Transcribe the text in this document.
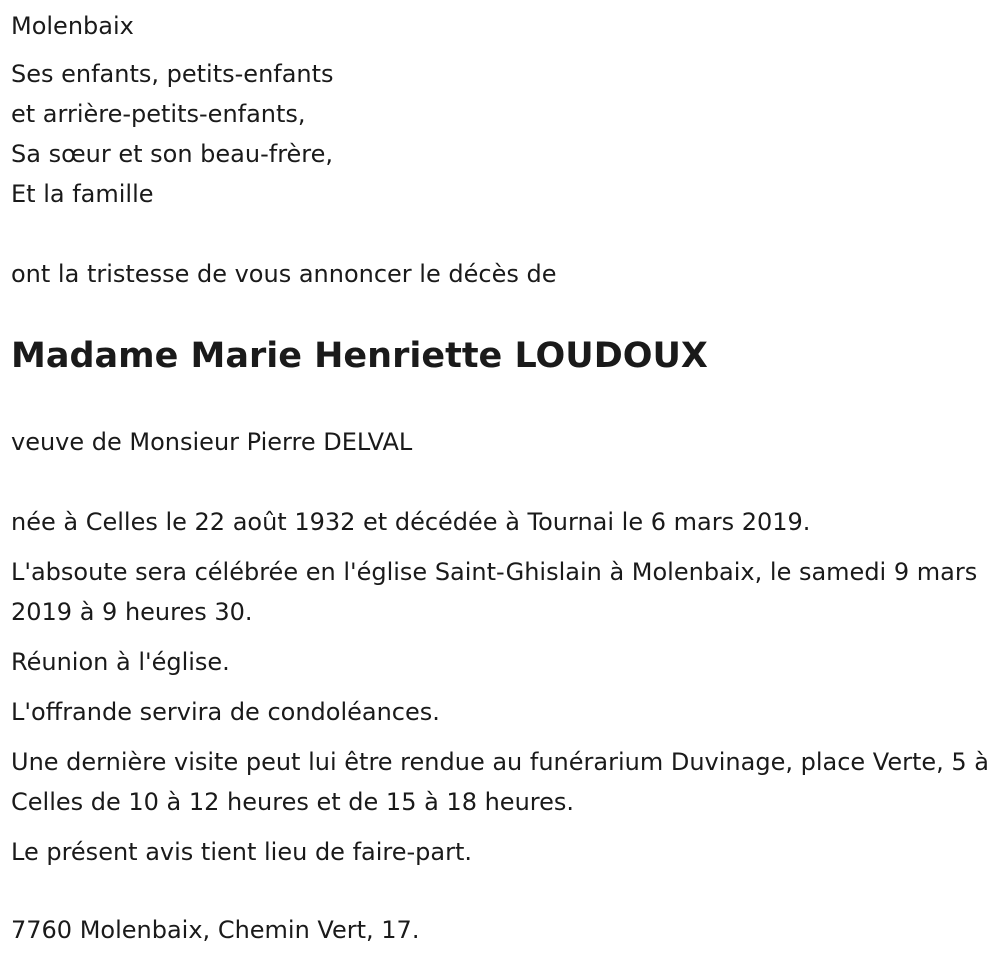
Molenbaix
Ses enfants, petits-enfants
et arrière-petits-enfants,
Sa sœur et son beau-frère,
Et la famille
ont la tristesse de vous annoncer le décès de
Madame Marie Henriette LOUDOUX
veuve de Monsieur Pierre DELVAL
née à Celles le 22 août 1932 et décédée à Tournai le 6 mars 2019.
L'absoute sera célébrée en l'église Saint-Ghislain à Molenbaix, le samedi 9 mars 2019 à 9 heures 30.
Réunion à l'église.
L'offrande servira de condoléances.
Une dernière visite peut lui être rendue au funérarium Duvinage, place Verte, 5 à Celles de 10 à 12 heures et de 15 à 18 heures.
Le présent avis tient lieu de faire-part.
7760 Molenbaix, Chemin Vert, 17.
